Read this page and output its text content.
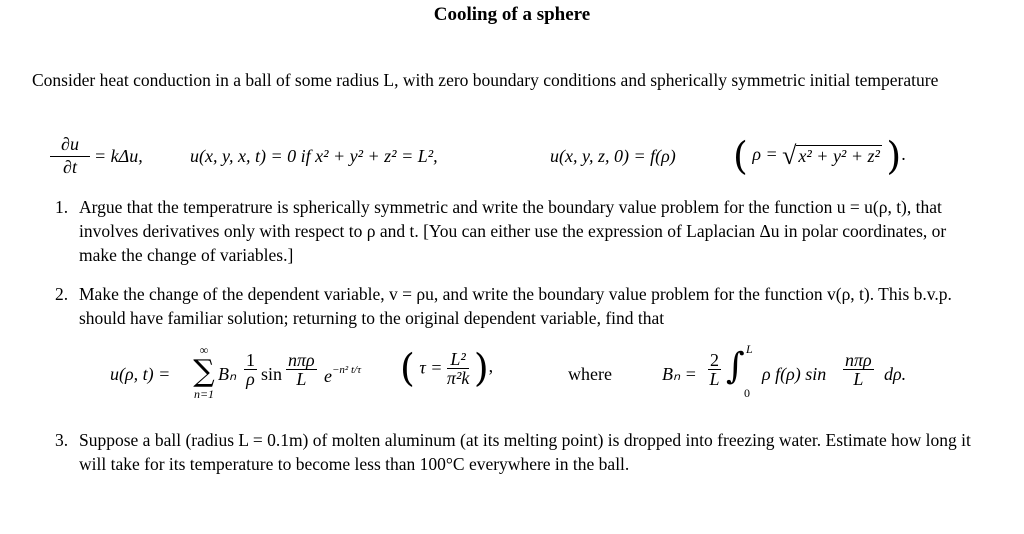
Cooling of a sphere
Consider heat conduction in a ball of some radius L, with zero boundary conditions and spherically symmetric initial temperature
$\frac{\partial u}{\partial t} = k\Delta u$,	u(x, y, x, t) = 0 if x² + y² + z² = L²,	u(x, y, z, 0) = f(ρ) ( ρ = √ x² + y² + z² ).
1. Argue that the temperatrure is spherically symmetric and write the boundary value problem for the function u = u(ρ, t), that involves derivatives only with respect to ρ and t. [You can either use the expression of Laplacian Δu in polar coordinates, or make the change of variables.]
2. Make the change of the dependent variable, v = ρu, and write the boundary value problem for the function v(ρ, t). This b.v.p. should have familiar solution; returning to the original dependent variable, find that
u(ρ, t) =
∞
∑
n=1
Bₙ $\frac{1}{\rho}$ sin
nπρ
L $e^{-n^2 t/\tau}$ ( $\tau = \frac{\text{L²}}{\text{π²k}}$ ),	where	$B_n = \frac{2}{L}$
L
∫
0
ρ f(ρ) sin
nπρ
L	dρ.
3. Suppose a ball (radius L = 0.1m) of molten aluminum (at its melting point) is dropped into freezing water. Estimate how long it will take for its temperature to become less than 100°C everywhere in the ball.
